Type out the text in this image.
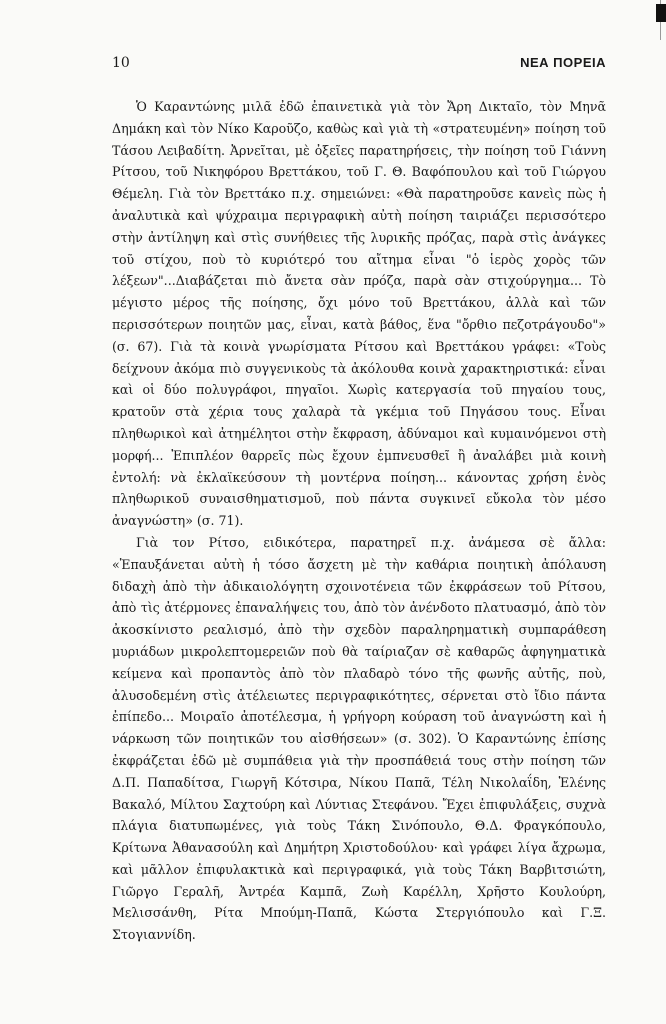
10	ΝΕΑ ΠΟΡΕΙΑ

Ὁ Καραντώνης μιλᾶ ἐδῶ ἐπαινετικὰ γιὰ τὸν Ἄρη Δικταῖο, τὸν Μηνᾶ Δημάκη καὶ τὸν Νίκο Καροῦζο, καθὼς καὶ γιὰ τὴ «στρατευμένη» ποίηση τοῦ Τάσου Λειβαδίτη. Ἀρνεῖται, μὲ ὀξεῖες παρατηρήσεις, τὴν ποίηση τοῦ Γιάννη Ρίτσου, τοῦ Νικηφόρου Βρεττάκου, τοῦ Γ. Θ. Βαφόπουλου καὶ τοῦ Γιώργου Θέμελη. Γιὰ τὸν Βρεττάκο π.χ. σημειώνει: «Θὰ παρατηροῦσε κανεὶς πὼς ἡ ἀναλυτικὰ καὶ ψύχραιμα περιγραφικὴ αὐτὴ ποίηση ταιριάζει περισσότερο στὴν ἀντίληψη καὶ στὶς συνήθειες τῆς λυρικῆς πρόζας, παρὰ στὶς ἀνάγκες τοῦ στίχου, ποὺ τὸ κυριότερό του αἴτημα εἶναι "ὁ ἱερὸς χορὸς τῶν λέξεων"...Διαβάζεται πιὸ ἄνετα σὰν πρόζα, παρὰ σὰν στιχούργημα... Τὸ μέγιστο μέρος τῆς ποίησης, ὄχι μόνο τοῦ Βρεττάκου, ἀλλὰ καὶ τῶν περισσότερων ποιητῶν μας, εἶναι, κατὰ βάθος, ἕνα "ὄρθιο πεζοτράγουδο"» (σ. 67). Γιὰ τὰ κοινὰ γνωρίσματα Ρίτσου καὶ Βρεττάκου γράφει: «Τοὺς δείχνουν ἀκόμα πιὸ συγγενικοὺς τὰ ἀκόλουθα κοινὰ χαρακτηριστικά: εἶναι καὶ οἱ δύο πολυγράφοι, πηγαῖοι. Χωρὶς κατεργασία τοῦ πηγαίου τους, κρατοῦν στὰ χέρια τους χαλαρὰ τὰ γκέμια τοῦ Πηγάσου τους. Εἶναι πληθωρικοὶ καὶ ἀτημέλητοι στὴν ἔκφραση, ἀδύναμοι καὶ κυμαινόμενοι στὴ μορφή... Ἐπιπλέον θαρρεῖς πὼς ἔχουν ἐμπνευσθεῖ ἢ ἀναλάβει μιὰ κοινὴ ἐντολή: νὰ ἐκλαϊκεύσουν τὴ μοντέρνα ποίηση... κάνοντας χρήση ἑνὸς πληθωρικοῦ συναισθηματισμοῦ, ποὺ πάντα συγκινεῖ εὔκολα τὸν μέσο ἀναγνώστη» (σ. 71).

Γιὰ τον Ρίτσο, ειδικότερα, παρατηρεῖ π.χ. ἀνάμεσα σὲ ἄλλα: «Ἐπαυξάνεται αὐτὴ ἡ τόσο ἄσχετη μὲ τὴν καθάρια ποιητικὴ ἀπόλαυση διδαχὴ ἀπὸ τὴν ἀδικαιολόγητη σχοινοτένεια τῶν ἐκφράσεων τοῦ Ρίτσου, ἀπὸ τὶς ἀτέρμονες ἐπαναλήψεις του, ἀπὸ τὸν ἀνένδοτο πλατυασμό, ἀπὸ τὸν ἀκοσκίνιστο ρεαλισμό, ἀπὸ τὴν σχεδὸν παραληρηματικὴ συμπαράθεση μυριάδων μικρολεπτομερειῶν ποὺ θὰ ταίριαζαν σὲ καθαρῶς ἀφηγηματικὰ κείμενα καὶ προπαντὸς ἀπὸ τὸν πλαδαρὸ τόνο τῆς φωνῆς αὐτῆς, ποὺ, ἀλυσοδεμένη στὶς ἀτέλειωτες περιγραφικότητες, σέρνεται στὸ ἴδιο πάντα ἐπίπεδο... Μοιραῖο ἀποτέλεσμα, ἡ γρήγορη κούραση τοῦ ἀναγνώστη καὶ ἡ νάρκωση τῶν ποιητικῶν του αἰσθήσεων» (σ. 302). Ὁ Καραντώνης ἐπίσης ἐκφράζεται ἐδῶ μὲ συμπάθεια γιὰ τὴν προσπάθειά τους στὴν ποίηση τῶν Δ.Π. Παπαδίτσα, Γιωργῆ Κότσιρα, Νίκου Παπᾶ, Τέλη Νικολαΐδη, Ἑλένης Βακαλό, Μίλτου Σαχτούρη καὶ Λύντιας Στεφάνου. Ἔχει ἐπιφυλάξεις, συχνὰ πλάγια διατυπωμένες, γιὰ τοὺς Τάκη Σινόπουλο, Θ.Δ. Φραγκόπουλο, Κρίτωνα Ἀθανασούλη καὶ Δημήτρη Χριστοδούλου· καὶ γράφει λίγα ἄχρωμα, καὶ μᾶλλον ἐπιφυλακτικὰ καὶ περιγραφικά, γιὰ τοὺς Τάκη Βαρβιτσιώτη, Γιῶργο Γεραλῆ, Ἀντρέα Καμπᾶ, Ζωὴ Καρέλλη, Χρῆστο Κουλούρη, Μελισσάνθη, Ρίτα Μπούμη-Παπᾶ, Κώστα Στεργιόπουλο καὶ Γ.Ξ. Στογιαννίδη.
